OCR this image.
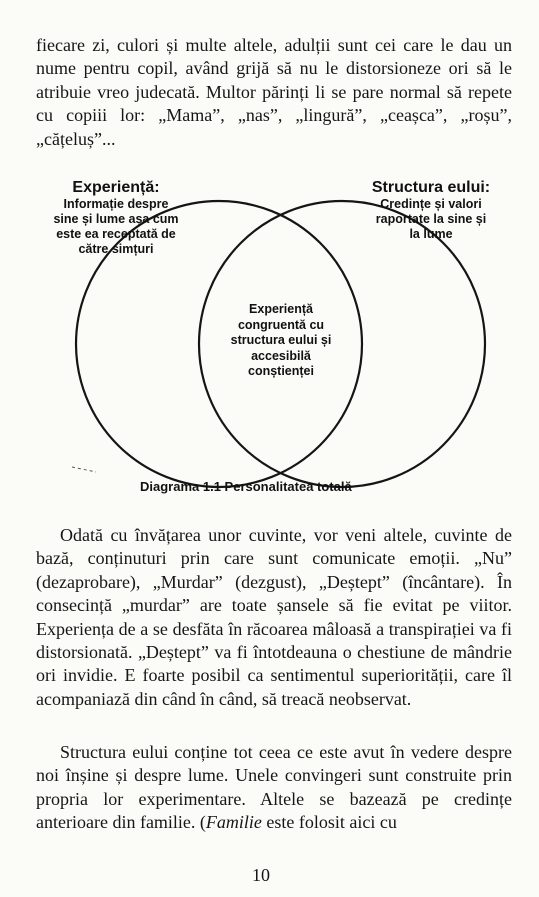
fiecare zi, culori și multe altele, adulții sunt cei care le dau un nume pentru copil, având grijă să nu le distorsioneze ori să le atribuie vreo judecată. Multor părinți li se pare normal să repete cu copiii lor: „Mama”, „nas”, „lingură”, „ceașca”, „roșu”, „cățeluș”...

Experiență:
Informație despre
sine și lume așa cum
este ea receptată de
către simțuri
Structura eului:
Credințe și valori
raportate la sine și
la lume
Experiență
congruentă cu
structura eului și
accesibilă
conștienței
Diagrama 1.1 Personalitatea totală

Odată cu învățarea unor cuvinte, vor veni altele, cuvinte de bază, conținuturi prin care sunt comunicate emoții. „Nu” (dezaprobare), „Murdar” (dezgust), „Deștept” (încântare). În consecință „murdar” are toate șansele să fie evitat pe viitor. Experiența de a se desfăta în răcoarea mâloasă a transpirației va fi distorsionată. „Deștept” va fi întotdeauna o chestiune de mândrie ori invidie. E foarte posibil ca sentimentul superiorității, care îl acompaniază din când în când, să treacă neobservat.

Structura eului conține tot ceea ce este avut în vedere despre noi înșine și despre lume. Unele convingeri sunt construite prin propria lor experimentare. Altele se bazează pe credințe anterioare din familie. (Familie este folosit aici cu

10
